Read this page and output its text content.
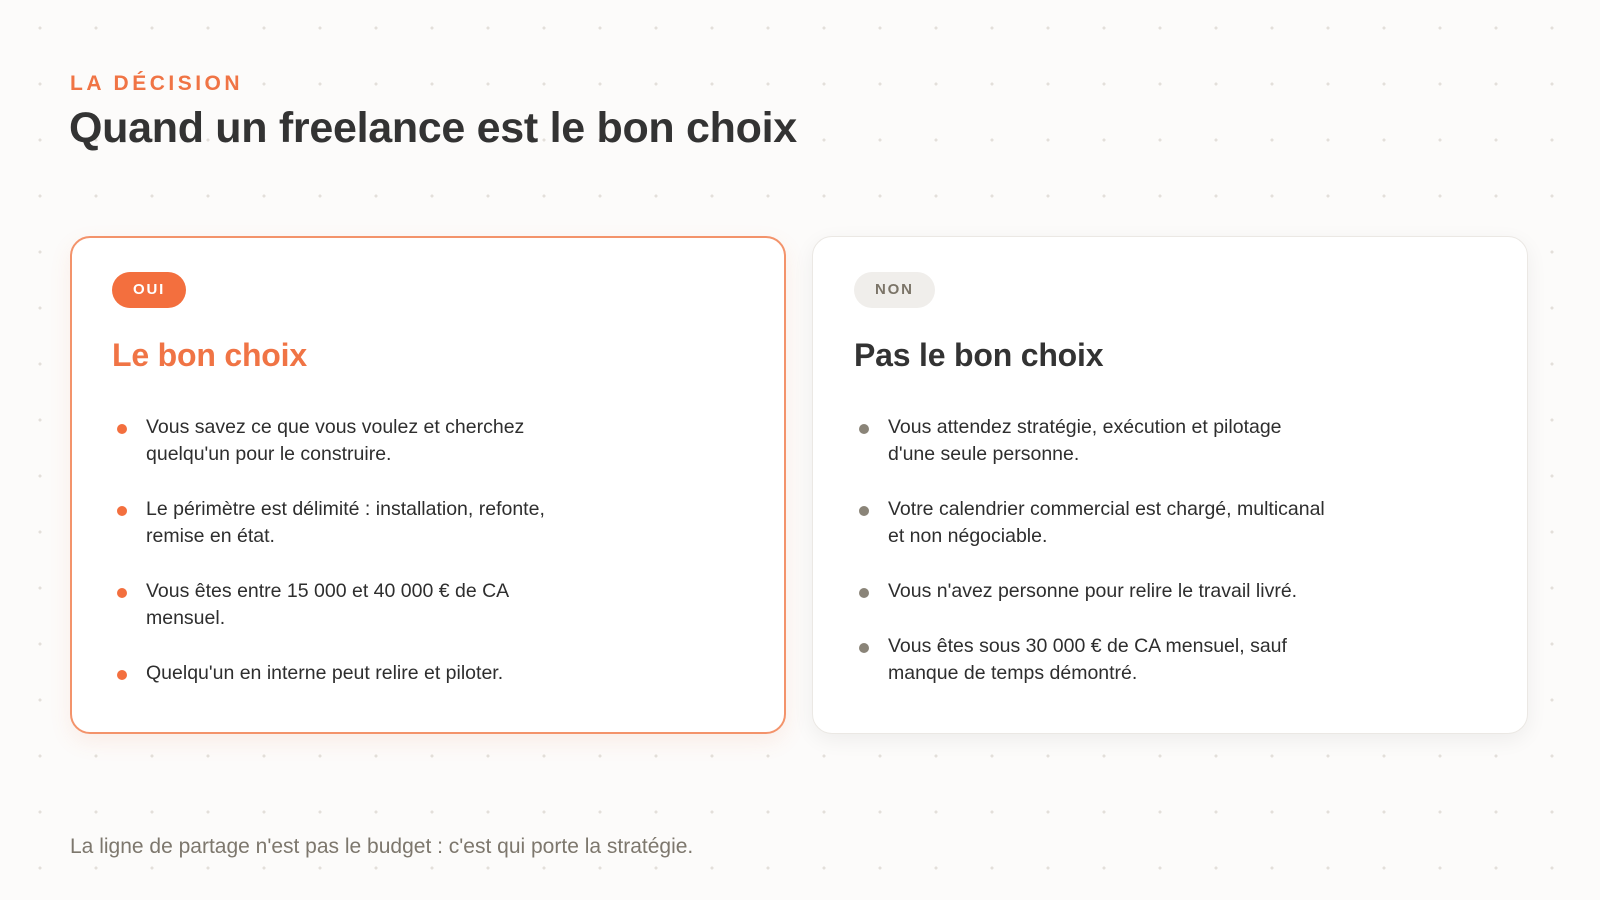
LA DÉCISION

Quand un freelance est le bon choix
OUI
Le bon choix
Vous savez ce que vous voulez et cherchez quelqu'un pour le construire.
Le périmètre est délimité : installation, refonte, remise en état.
Vous êtes entre 15 000 et 40 000 € de CA mensuel.
Quelqu'un en interne peut relire et piloter.
NON
Pas le bon choix
Vous attendez stratégie, exécution et pilotage d'une seule personne.
Votre calendrier commercial est chargé, multicanal et non négociable.
Vous n'avez personne pour relire le travail livré.
Vous êtes sous 30 000 € de CA mensuel, sauf manque de temps démontré.

La ligne de partage n'est pas le budget : c'est qui porte la stratégie.
